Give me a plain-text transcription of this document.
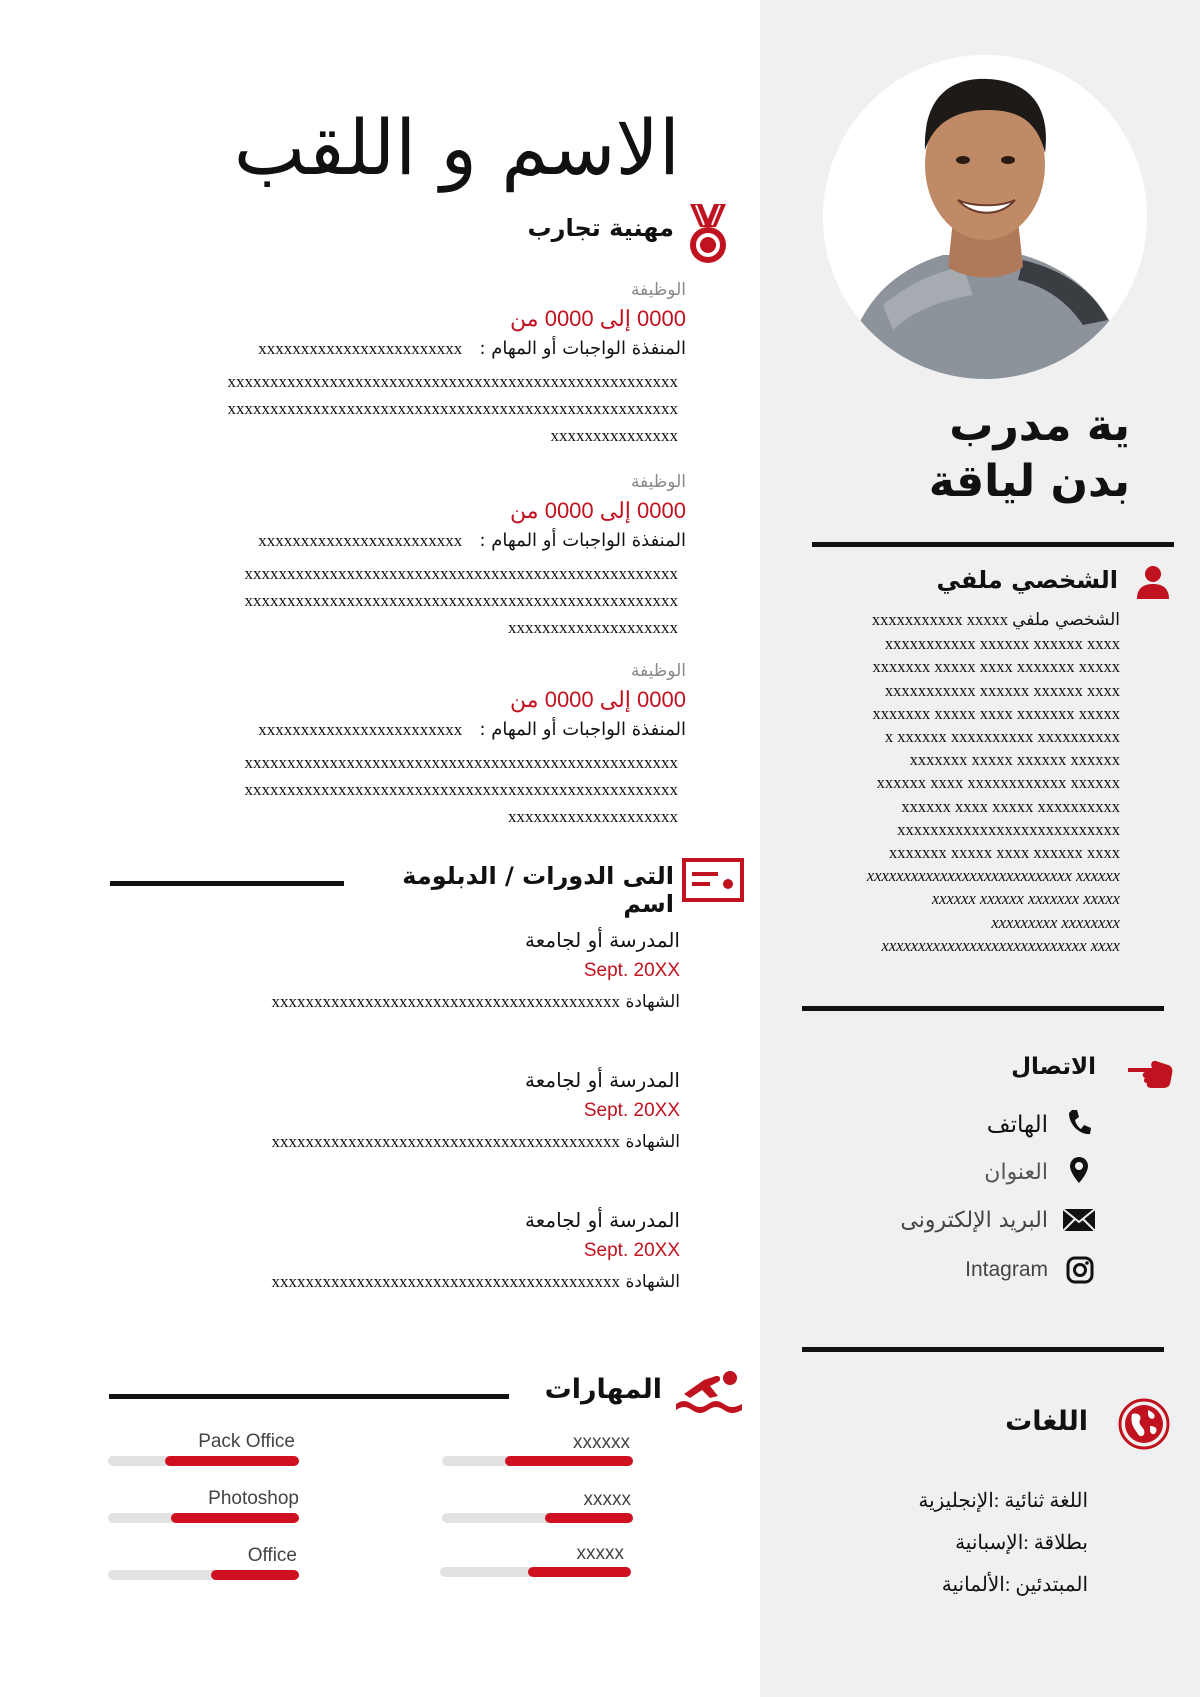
ية مدرب
بدن لياقة
الشخصي ملفي
الشخصي ملفي xxxxxxxxxxx xxxxx
xxxxxxxxxxx xxxxxx xxxxxx xxxx
xxxxxxx xxxxx xxxx xxxxxxx xxxxx
xxxxxxxxxxx xxxxxx xxxxxx xxxx
xxxxxxx xxxxx xxxx xxxxxxx xxxxx
x xxxxxx xxxxxxxxxx xxxxxxxxxx
xxxxxxx xxxxx xxxxxx xxxxxx
xxxxxx xxxx xxxxxxxxxxxx xxxxxx
xxxxxx xxxx xxxxx xxxxxxxxxx
xxxxxxxxxxxxxxxxxxxxxxxxxxx
xxxxxxx xxxxx xxxx xxxxxx xxxx
xxxxxxxxxxxxxxxxxxxxxxxxxxxx xxxxxx
xxxxxx xxxxxx xxxxxxx xxxxx
xxxxxxxxx xxxxxxxx
xxxxxxxxxxxxxxxxxxxxxxxxxxxx xxxx
الاتصال
الهاتف
العنوان
البريد الإلكترونى
Intagram
اللغات
اللغة ثنائية :الإنجليزية
بطلاقة :الإسبانية
المبتدئين :الألمانية
الاسم و اللقب
مهنية تجارب
الوظيفة
0000 إلى 0000 من
المنفذة الواجبات أو المهام :   xxxxxxxxxxxxxxxxxxxxxxxx
xxxxxxxxxxxxxxxxxxxxxxxxxxxxxxxxxxxxxxxxxxxxxxxxxxxxx
xxxxxxxxxxxxxxxxxxxxxxxxxxxxxxxxxxxxxxxxxxxxxxxxxxxxx
xxxxxxxxxxxxxxx
الوظيفة
0000 إلى 0000 من
المنفذة الواجبات أو المهام :   xxxxxxxxxxxxxxxxxxxxxxxx
xxxxxxxxxxxxxxxxxxxxxxxxxxxxxxxxxxxxxxxxxxxxxxxxxxx
xxxxxxxxxxxxxxxxxxxxxxxxxxxxxxxxxxxxxxxxxxxxxxxxxxx
xxxxxxxxxxxxxxxxxxxx
الوظيفة
0000 إلى 0000 من
المنفذة الواجبات أو المهام :   xxxxxxxxxxxxxxxxxxxxxxxx
xxxxxxxxxxxxxxxxxxxxxxxxxxxxxxxxxxxxxxxxxxxxxxxxxxx
xxxxxxxxxxxxxxxxxxxxxxxxxxxxxxxxxxxxxxxxxxxxxxxxxxx
xxxxxxxxxxxxxxxxxxxx
التى الدورات / الدبلومة اسم
المدرسة أو لجامعة
Sept. 20XX
الشهادة xxxxxxxxxxxxxxxxxxxxxxxxxxxxxxxxxxxxxxxxx
المدرسة أو لجامعة
Sept. 20XX
الشهادة xxxxxxxxxxxxxxxxxxxxxxxxxxxxxxxxxxxxxxxxx
المدرسة أو لجامعة
Sept. 20XX
الشهادة xxxxxxxxxxxxxxxxxxxxxxxxxxxxxxxxxxxxxxxxx
المهارات
Pack Office
Photoshop
Office
xxxxxx
xxxxx
xxxxx
